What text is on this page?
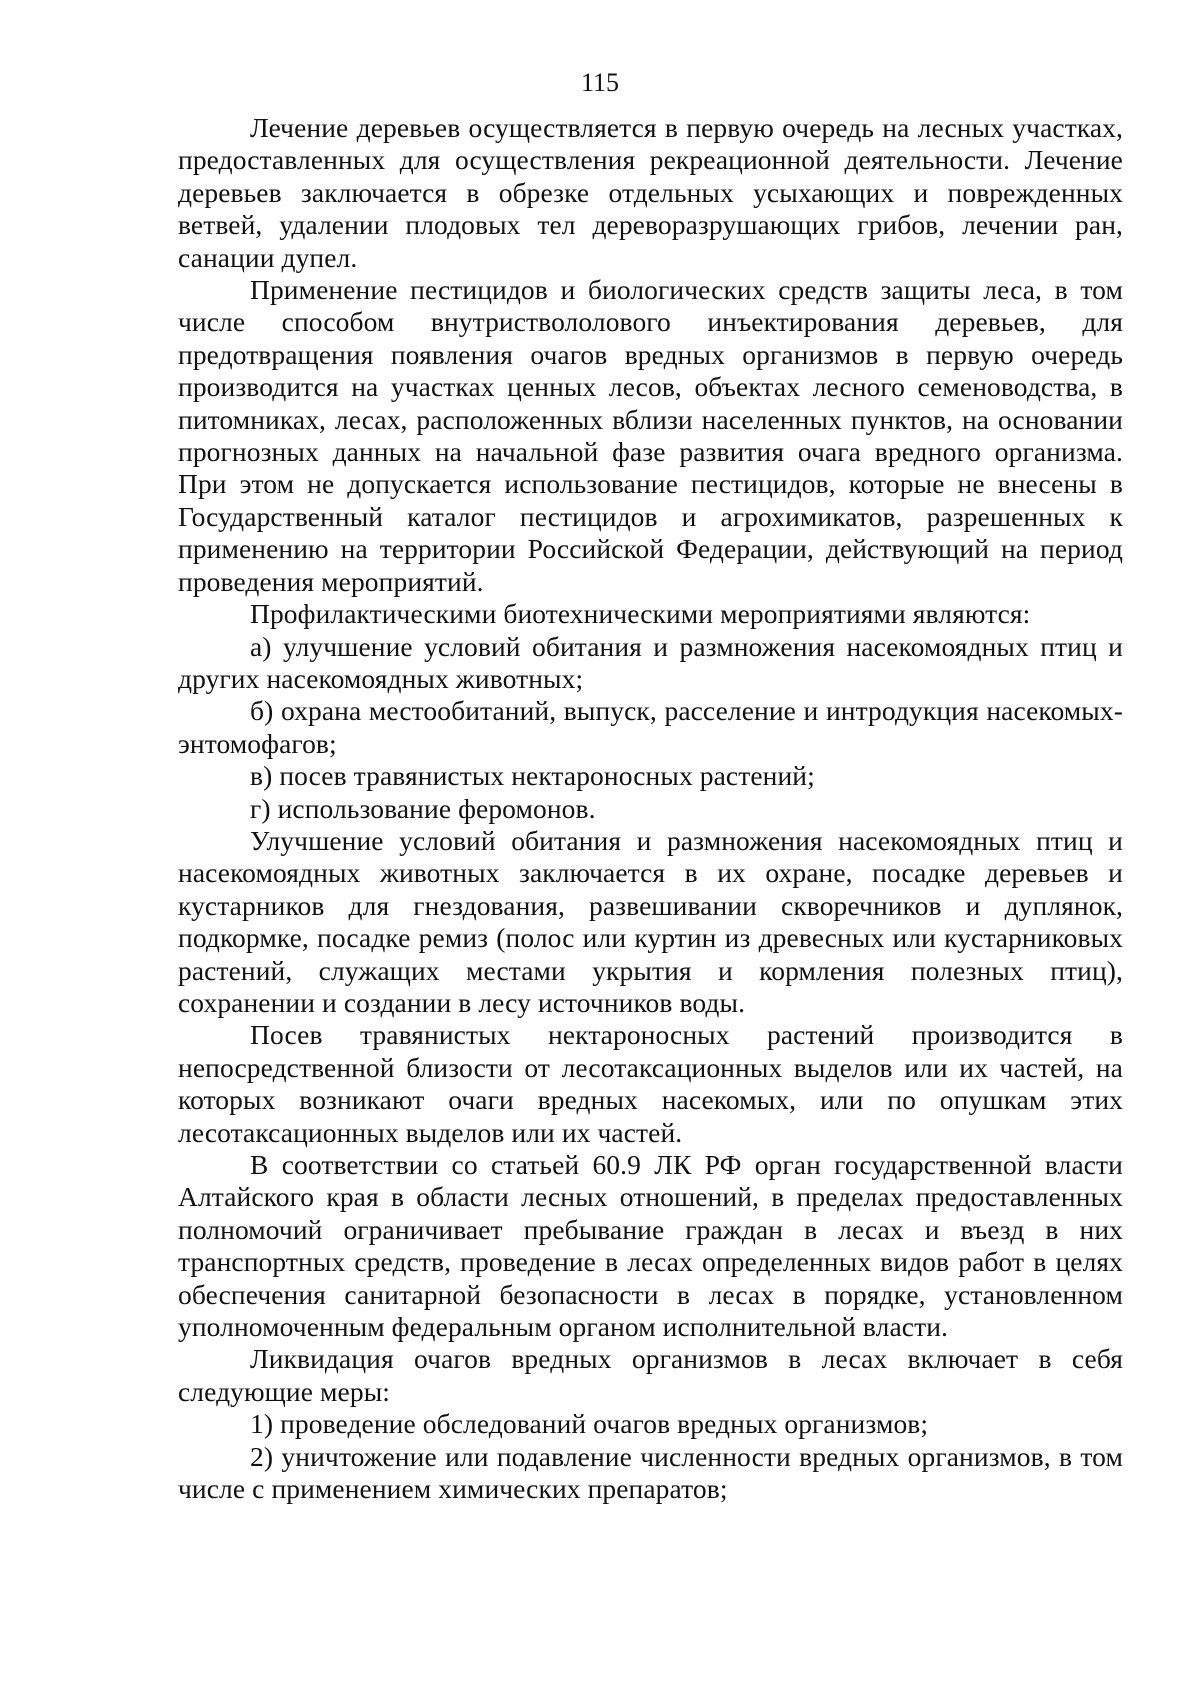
115

Лечение деревьев осуществляется в первую очередь на лесных участках, предоставленных для осуществления рекреационной деятельности. Лечение деревьев заключается в обрезке отдельных усыхающих и поврежденных ветвей, удалении плодовых тел дереворазрушающих грибов, лечении ран, санации дупел.

Применение пестицидов и биологических средств защиты леса, в том числе способом внутриствололового инъектирования деревьев, для предотвращения появления очагов вредных организмов в первую очередь производится на участках ценных лесов, объектах лесного семеноводства, в питомниках, лесах, расположенных вблизи населенных пунктов, на основании прогнозных данных на начальной фазе развития очага вредного организма. При этом не допускается использование пестицидов, которые не внесены в Государственный каталог пестицидов и агрохимикатов, разрешенных к применению на территории Российской Федерации, действующий на период проведения мероприятий.

Профилактическими биотехническими мероприятиями являются:

а) улучшение условий обитания и размножения насекомоядных птиц и других насекомоядных животных;

б) охрана местообитаний, выпуск, расселение и интродукция насекомых-энтомофагов;

в) посев травянистых нектароносных растений;

г) использование феромонов.

Улучшение условий обитания и размножения насекомоядных птиц и насекомоядных животных заключается в их охране, посадке деревьев и кустарников для гнездования, развешивании скворечников и дуплянок, подкормке, посадке ремиз (полос или куртин из древесных или кустарниковых растений, служащих местами укрытия и кормления полезных птиц), сохранении и создании в лесу источников воды.

Посев травянистых нектароносных растений производится в непосредственной близости от лесотаксационных выделов или их частей, на которых возникают очаги вредных насекомых, или по опушкам этих лесотаксационных выделов или их частей.

В соответствии со статьей 60.9 ЛК РФ орган государственной власти Алтайского края в области лесных отношений, в пределах предоставленных полномочий ограничивает пребывание граждан в лесах и въезд в них транспортных средств, проведение в лесах определенных видов работ в целях обеспечения санитарной безопасности в лесах в порядке, установленном уполномоченным федеральным органом исполнительной власти.

Ликвидация очагов вредных организмов в лесах включает в себя следующие меры:

1) проведение обследований очагов вредных организмов;

2) уничтожение или подавление численности вредных организмов, в том числе с применением химических препаратов;
